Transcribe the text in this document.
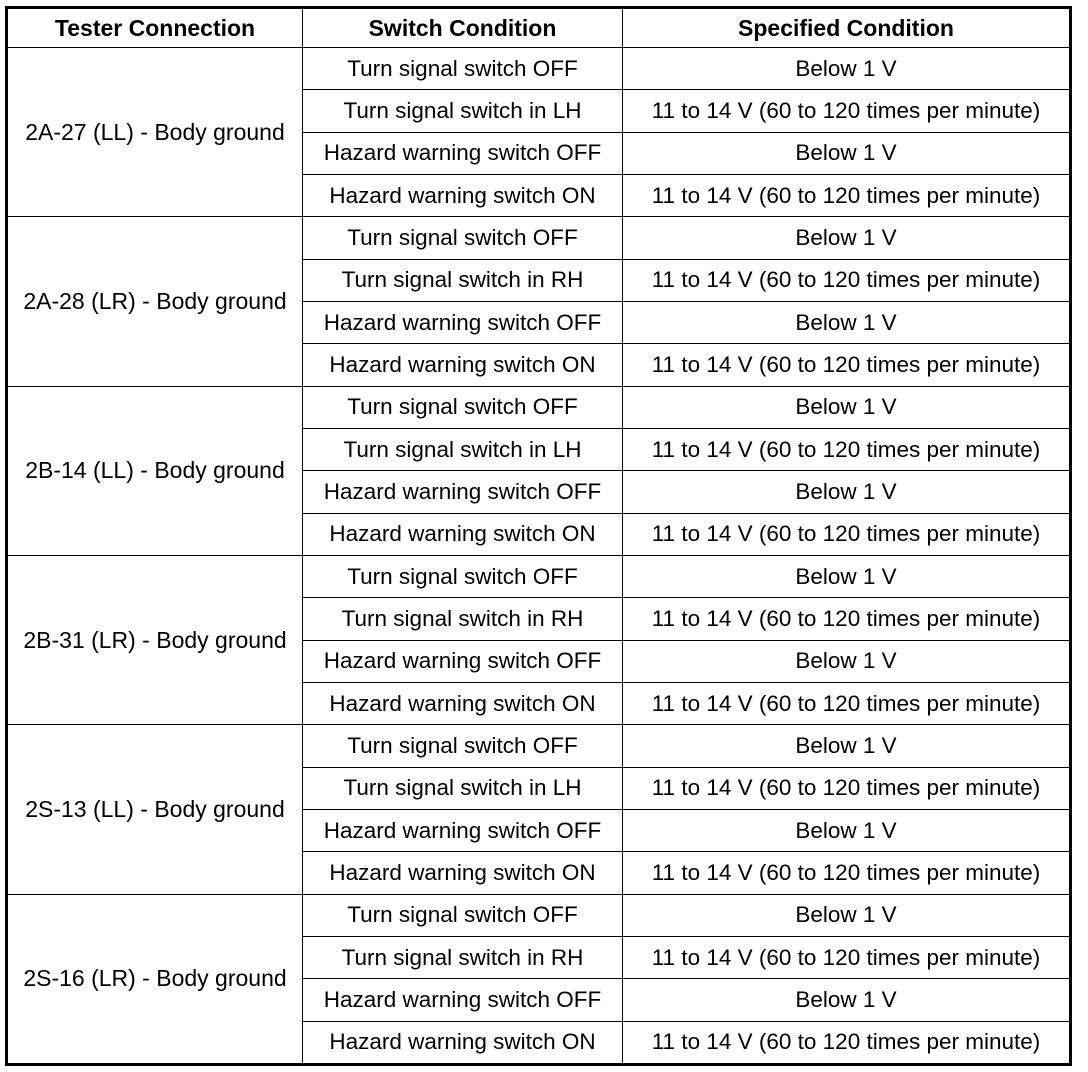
Tester Connection	Switch Condition	Specified Condition
2A-27 (LL) - Body ground	Turn signal switch OFF	Below 1 V
	Turn signal switch in LH	11 to 14 V (60 to 120 times per minute)
	Hazard warning switch OFF	Below 1 V
	Hazard warning switch ON	11 to 14 V (60 to 120 times per minute)
2A-28 (LR) - Body ground	Turn signal switch OFF	Below 1 V
	Turn signal switch in RH	11 to 14 V (60 to 120 times per minute)
	Hazard warning switch OFF	Below 1 V
	Hazard warning switch ON	11 to 14 V (60 to 120 times per minute)
2B-14 (LL) - Body ground	Turn signal switch OFF	Below 1 V
	Turn signal switch in LH	11 to 14 V (60 to 120 times per minute)
	Hazard warning switch OFF	Below 1 V
	Hazard warning switch ON	11 to 14 V (60 to 120 times per minute)
2B-31 (LR) - Body ground	Turn signal switch OFF	Below 1 V
	Turn signal switch in RH	11 to 14 V (60 to 120 times per minute)
	Hazard warning switch OFF	Below 1 V
	Hazard warning switch ON	11 to 14 V (60 to 120 times per minute)
2S-13 (LL) - Body ground	Turn signal switch OFF	Below 1 V
	Turn signal switch in LH	11 to 14 V (60 to 120 times per minute)
	Hazard warning switch OFF	Below 1 V
	Hazard warning switch ON	11 to 14 V (60 to 120 times per minute)
2S-16 (LR) - Body ground	Turn signal switch OFF	Below 1 V
	Turn signal switch in RH	11 to 14 V (60 to 120 times per minute)
	Hazard warning switch OFF	Below 1 V
	Hazard warning switch ON	11 to 14 V (60 to 120 times per minute)
